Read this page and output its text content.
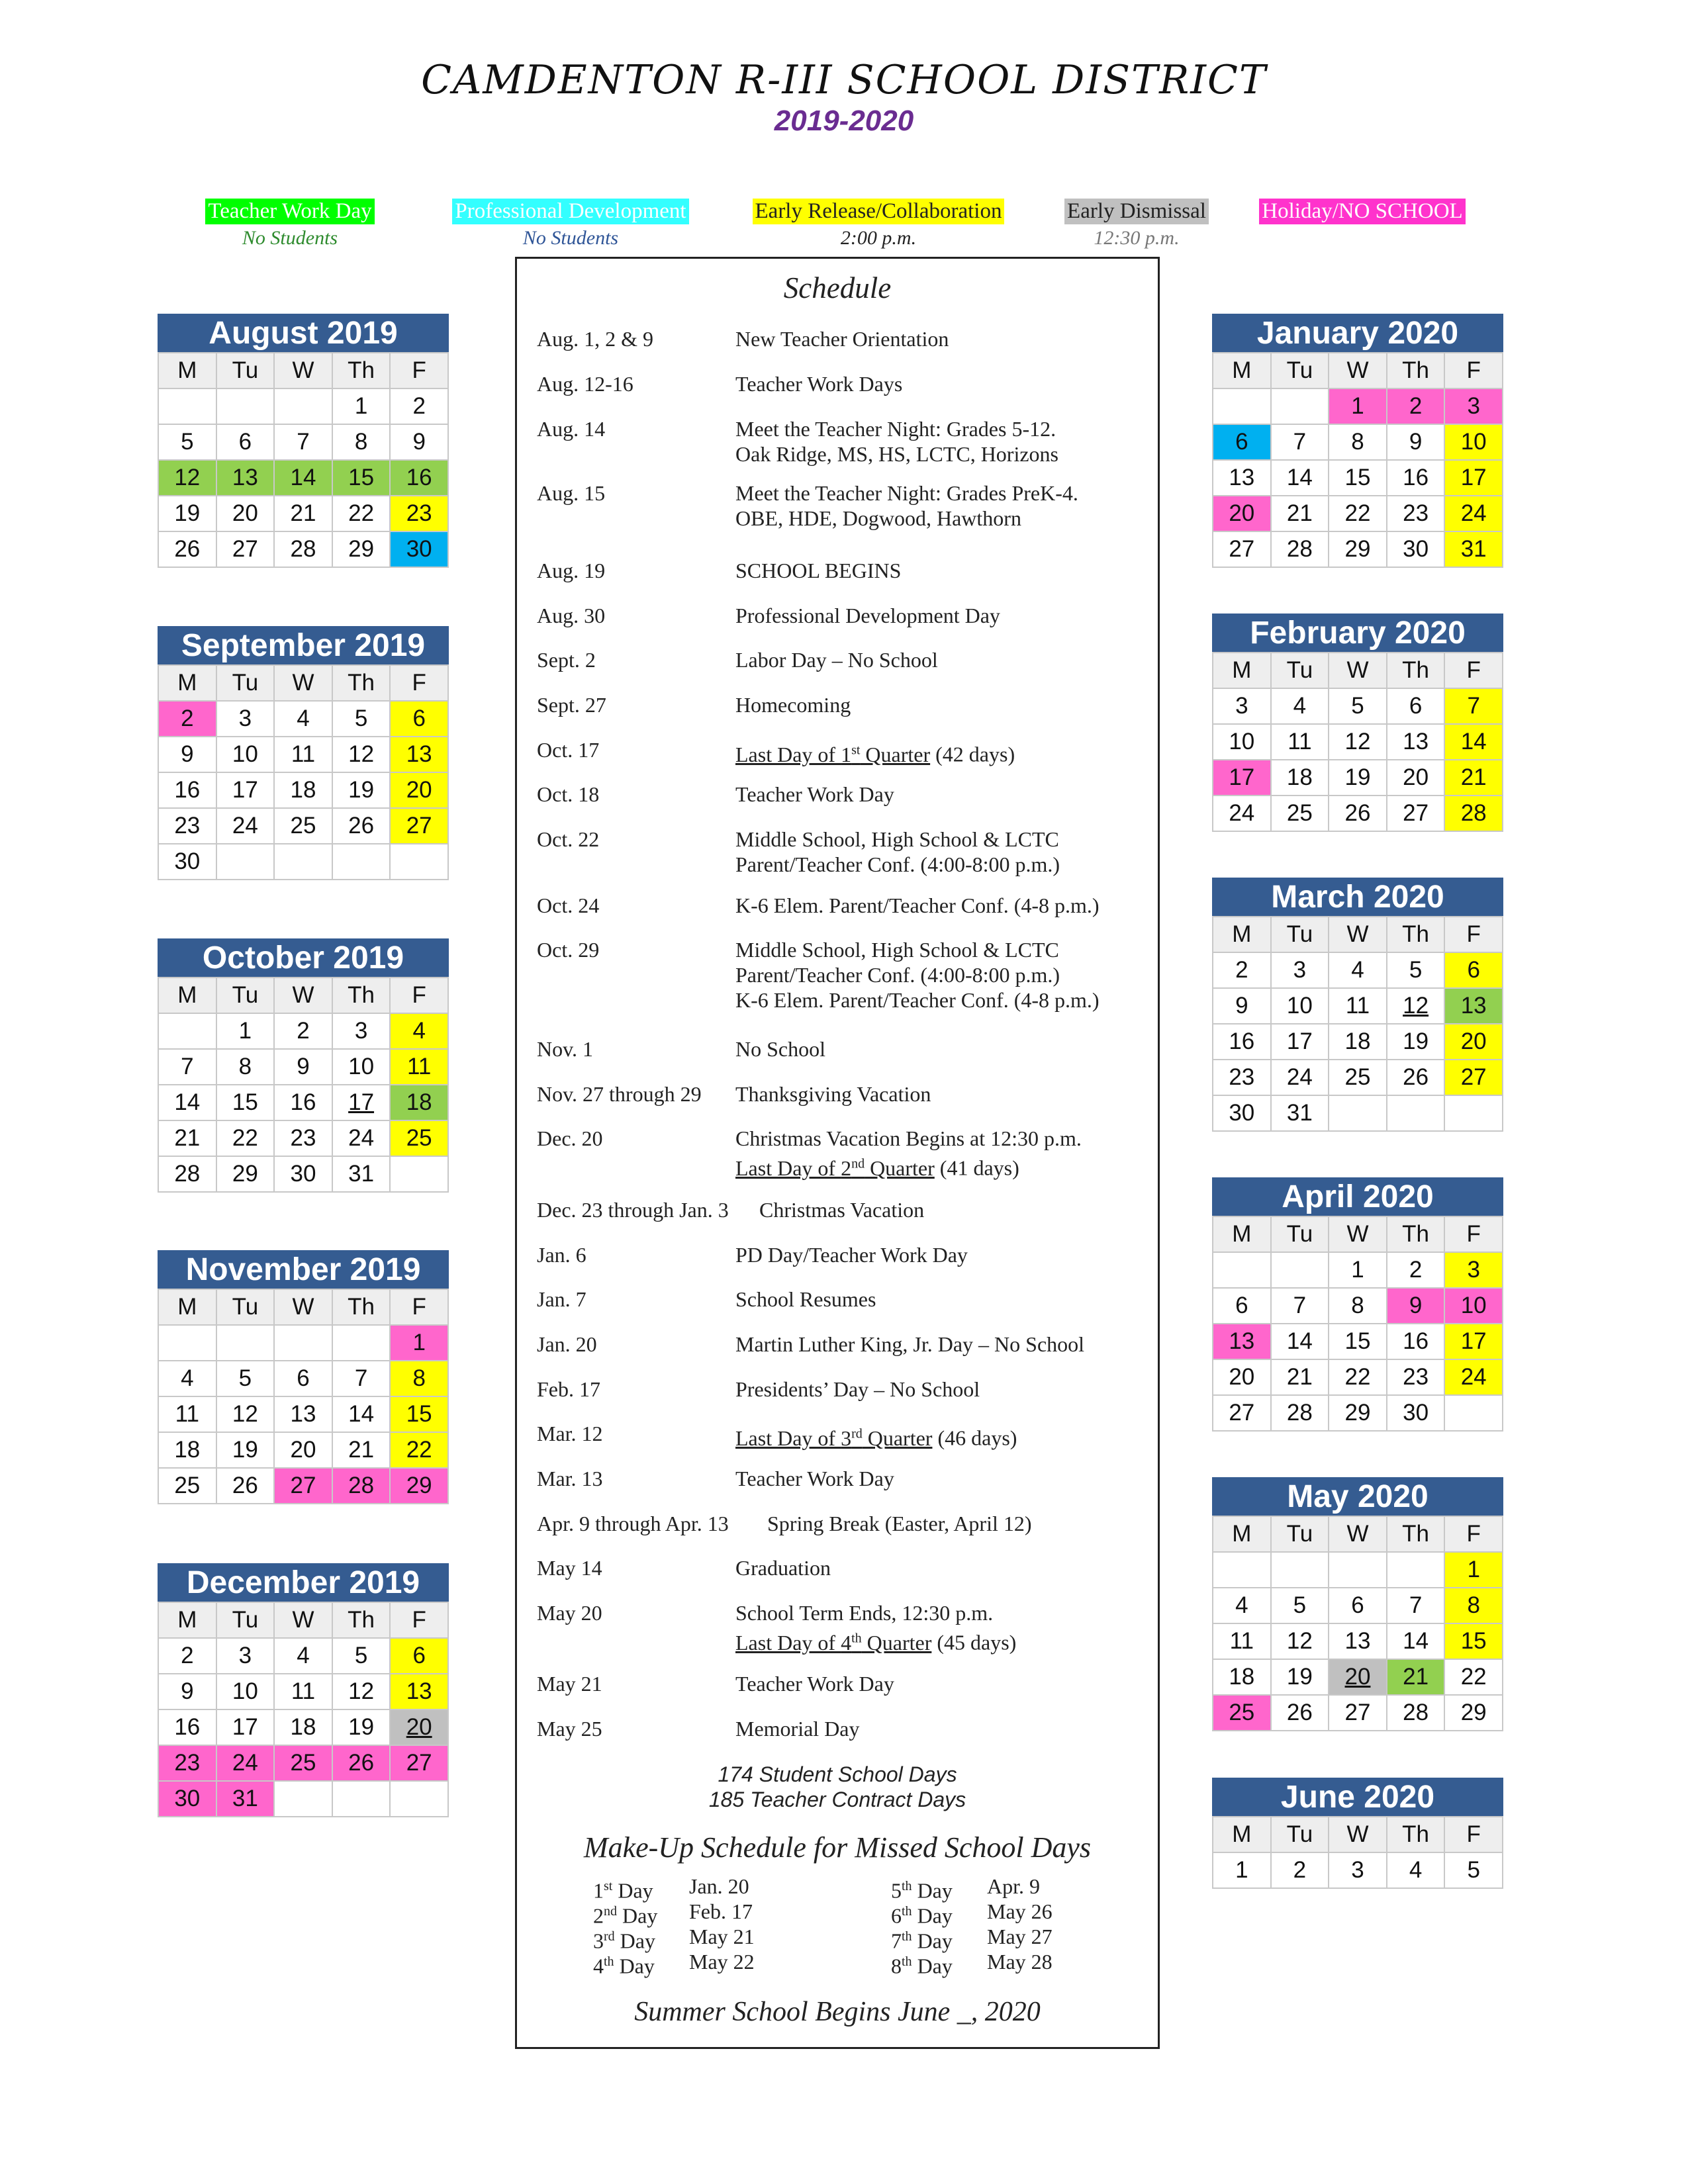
CAMDENTON R-III SCHOOL DISTRICT
2019-2020
Teacher Work Day
No Students
Professional Development
No Students
Early Release/Collaboration
2:00 p.m.
Early Dismissal
12:30 p.m.
Holiday/NO SCHOOL
August 2019
M	Tu	W	Th	F
			1	2
5	6	7	8	9
12	13	14	15	16
19	20	21	22	23
26	27	28	29	30
September 2019
M	Tu	W	Th	F
2	3	4	5	6
9	10	11	12	13
16	17	18	19	20
23	24	25	26	27
30				
October 2019
M	Tu	W	Th	F
	1	2	3	4
7	8	9	10	11
14	15	16	17	18
21	22	23	24	25
28	29	30	31	
November 2019
M	Tu	W	Th	F
				1
4	5	6	7	8
11	12	13	14	15
18	19	20	21	22
25	26	27	28	29
December 2019
M	Tu	W	Th	F
2	3	4	5	6
9	10	11	12	13
16	17	18	19	20
23	24	25	26	27
30	31			
January 2020
M	Tu	W	Th	F
		1	2	3
6	7	8	9	10
13	14	15	16	17
20	21	22	23	24
27	28	29	30	31
February 2020
M	Tu	W	Th	F
3	4	5	6	7
10	11	12	13	14
17	18	19	20	21
24	25	26	27	28
March 2020
M	Tu	W	Th	F
2	3	4	5	6
9	10	11	12	13
16	17	18	19	20
23	24	25	26	27
30	31			
April 2020
M	Tu	W	Th	F
		1	2	3
6	7	8	9	10
13	14	15	16	17
20	21	22	23	24
27	28	29	30	
May 2020
M	Tu	W	Th	F
				1
4	5	6	7	8
11	12	13	14	15
18	19	20	21	22
25	26	27	28	29
June 2020
M	Tu	W	Th	F
1	2	3	4	5
Schedule
Aug. 1, 2 & 9	New Teacher Orientation
Aug. 12-16	Teacher Work Days
Aug. 14	Meet the Teacher Night: Grades 5-12.
Oak Ridge, MS, HS, LCTC, Horizons
Aug. 15	Meet the Teacher Night: Grades PreK-4.
OBE, HDE, Dogwood, Hawthorn
Aug. 19	SCHOOL BEGINS
Aug. 30	Professional Development Day
Sept. 2	Labor Day – No School
Sept. 27	Homecoming
Oct. 17	Last Day of 1st Quarter (42 days)
Oct. 18	Teacher Work Day
Oct. 22	Middle School, High School & LCTC
Parent/Teacher Conf. (4:00-8:00 p.m.)
Oct. 24	K-6 Elem. Parent/Teacher Conf. (4-8 p.m.)
Oct. 29	Middle School, High School & LCTC
Parent/Teacher Conf. (4:00-8:00 p.m.)
K-6 Elem. Parent/Teacher Conf. (4-8 p.m.)
Nov. 1	No School
Nov. 27 through 29 Thanksgiving Vacation
Dec. 20	Christmas Vacation Begins at 12:30 p.m.
Last Day of 2nd Quarter (41 days)
Dec. 23 through Jan. 3 Christmas Vacation
Jan. 6	PD Day/Teacher Work Day
Jan. 7	School Resumes
Jan. 20	Martin Luther King, Jr. Day – No School
Feb. 17	Presidents’ Day – No School
Mar. 12	Last Day of 3rd Quarter (46 days)
Mar. 13	Teacher Work Day
Apr. 9 through Apr. 13 Spring Break (Easter, April 12)
May 14	Graduation
May 20	School Term Ends, 12:30 p.m.
Last Day of 4th Quarter (45 days)
May 21	Teacher Work Day
May 25	Memorial Day
174 Student School Days
185 Teacher Contract Days
Make-Up Schedule for Missed School Days
1st Day Jan. 20
2nd Day Feb. 17
3rd Day May 21
4th Day May 22
5th Day Apr. 9
6th Day May 26
7th Day May 27
8th Day May 28
Summer School Begins June _, 2020
